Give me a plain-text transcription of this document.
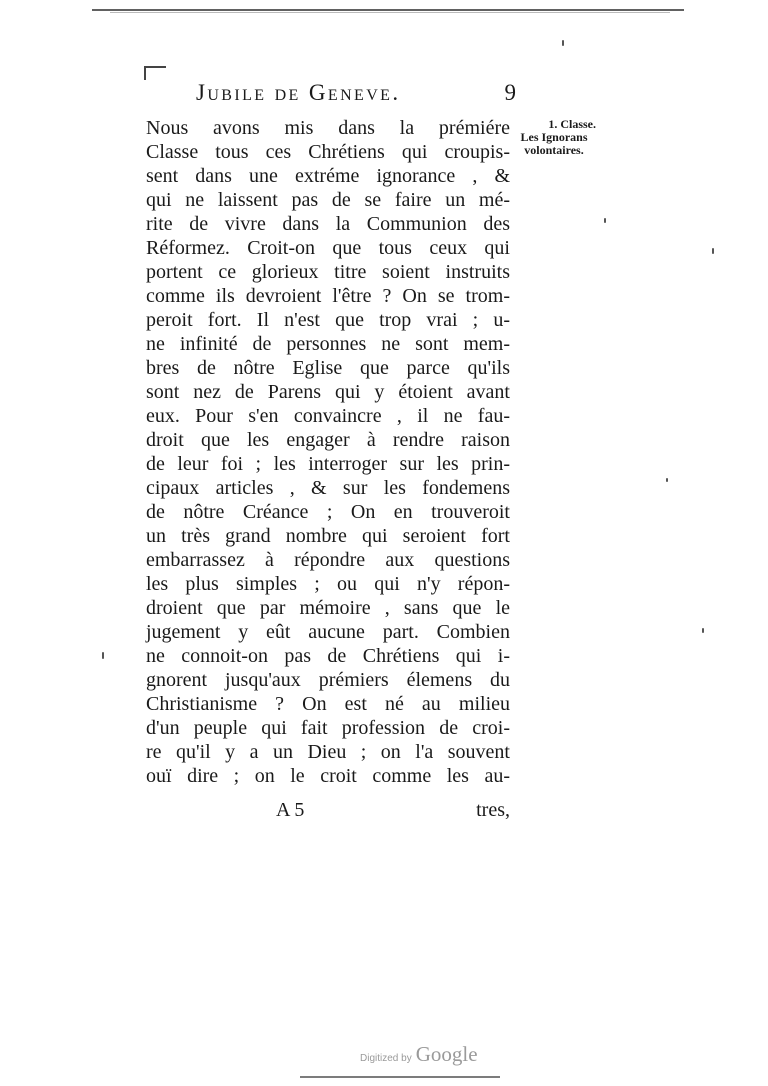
Jubile de Geneve.	9
1. Classe.
Les Ignorans
volontaires.
Nous avons mis dans la prémiére
Classe tous ces Chrétiens qui croupis-
sent dans une extréme ignorance , &
qui ne laissent pas de se faire un mé-
rite de vivre dans la Communion des
Réformez. Croit-on que tous ceux qui
portent ce glorieux titre soient instruits
comme ils devroient l'être ? On se trom-
peroit fort. Il n'est que trop vrai ; u-
ne infinité de personnes ne sont mem-
bres de nôtre Eglise que parce qu'ils
sont nez de Parens qui y étoient avant
eux. Pour s'en convaincre , il ne fau-
droit que les engager à rendre raison
de leur foi ; les interroger sur les prin-
cipaux articles , & sur les fondemens
de nôtre Créance ; On en trouveroit
un très grand nombre qui seroient fort
embarrassez à répondre aux questions
les plus simples ; ou qui n'y répon-
droient que par mémoire , sans que le
jugement y eût aucune part. Combien
ne connoit-on pas de Chrétiens qui i-
gnorent jusqu'aux prémiers élemens du
Christianisme ? On est né au milieu
d'un peuple qui fait profession de croi-
re qu'il y a un Dieu ; on l'a souvent
ouï dire ; on le croit comme les au-
A 5	tres,
Digitized by Google
